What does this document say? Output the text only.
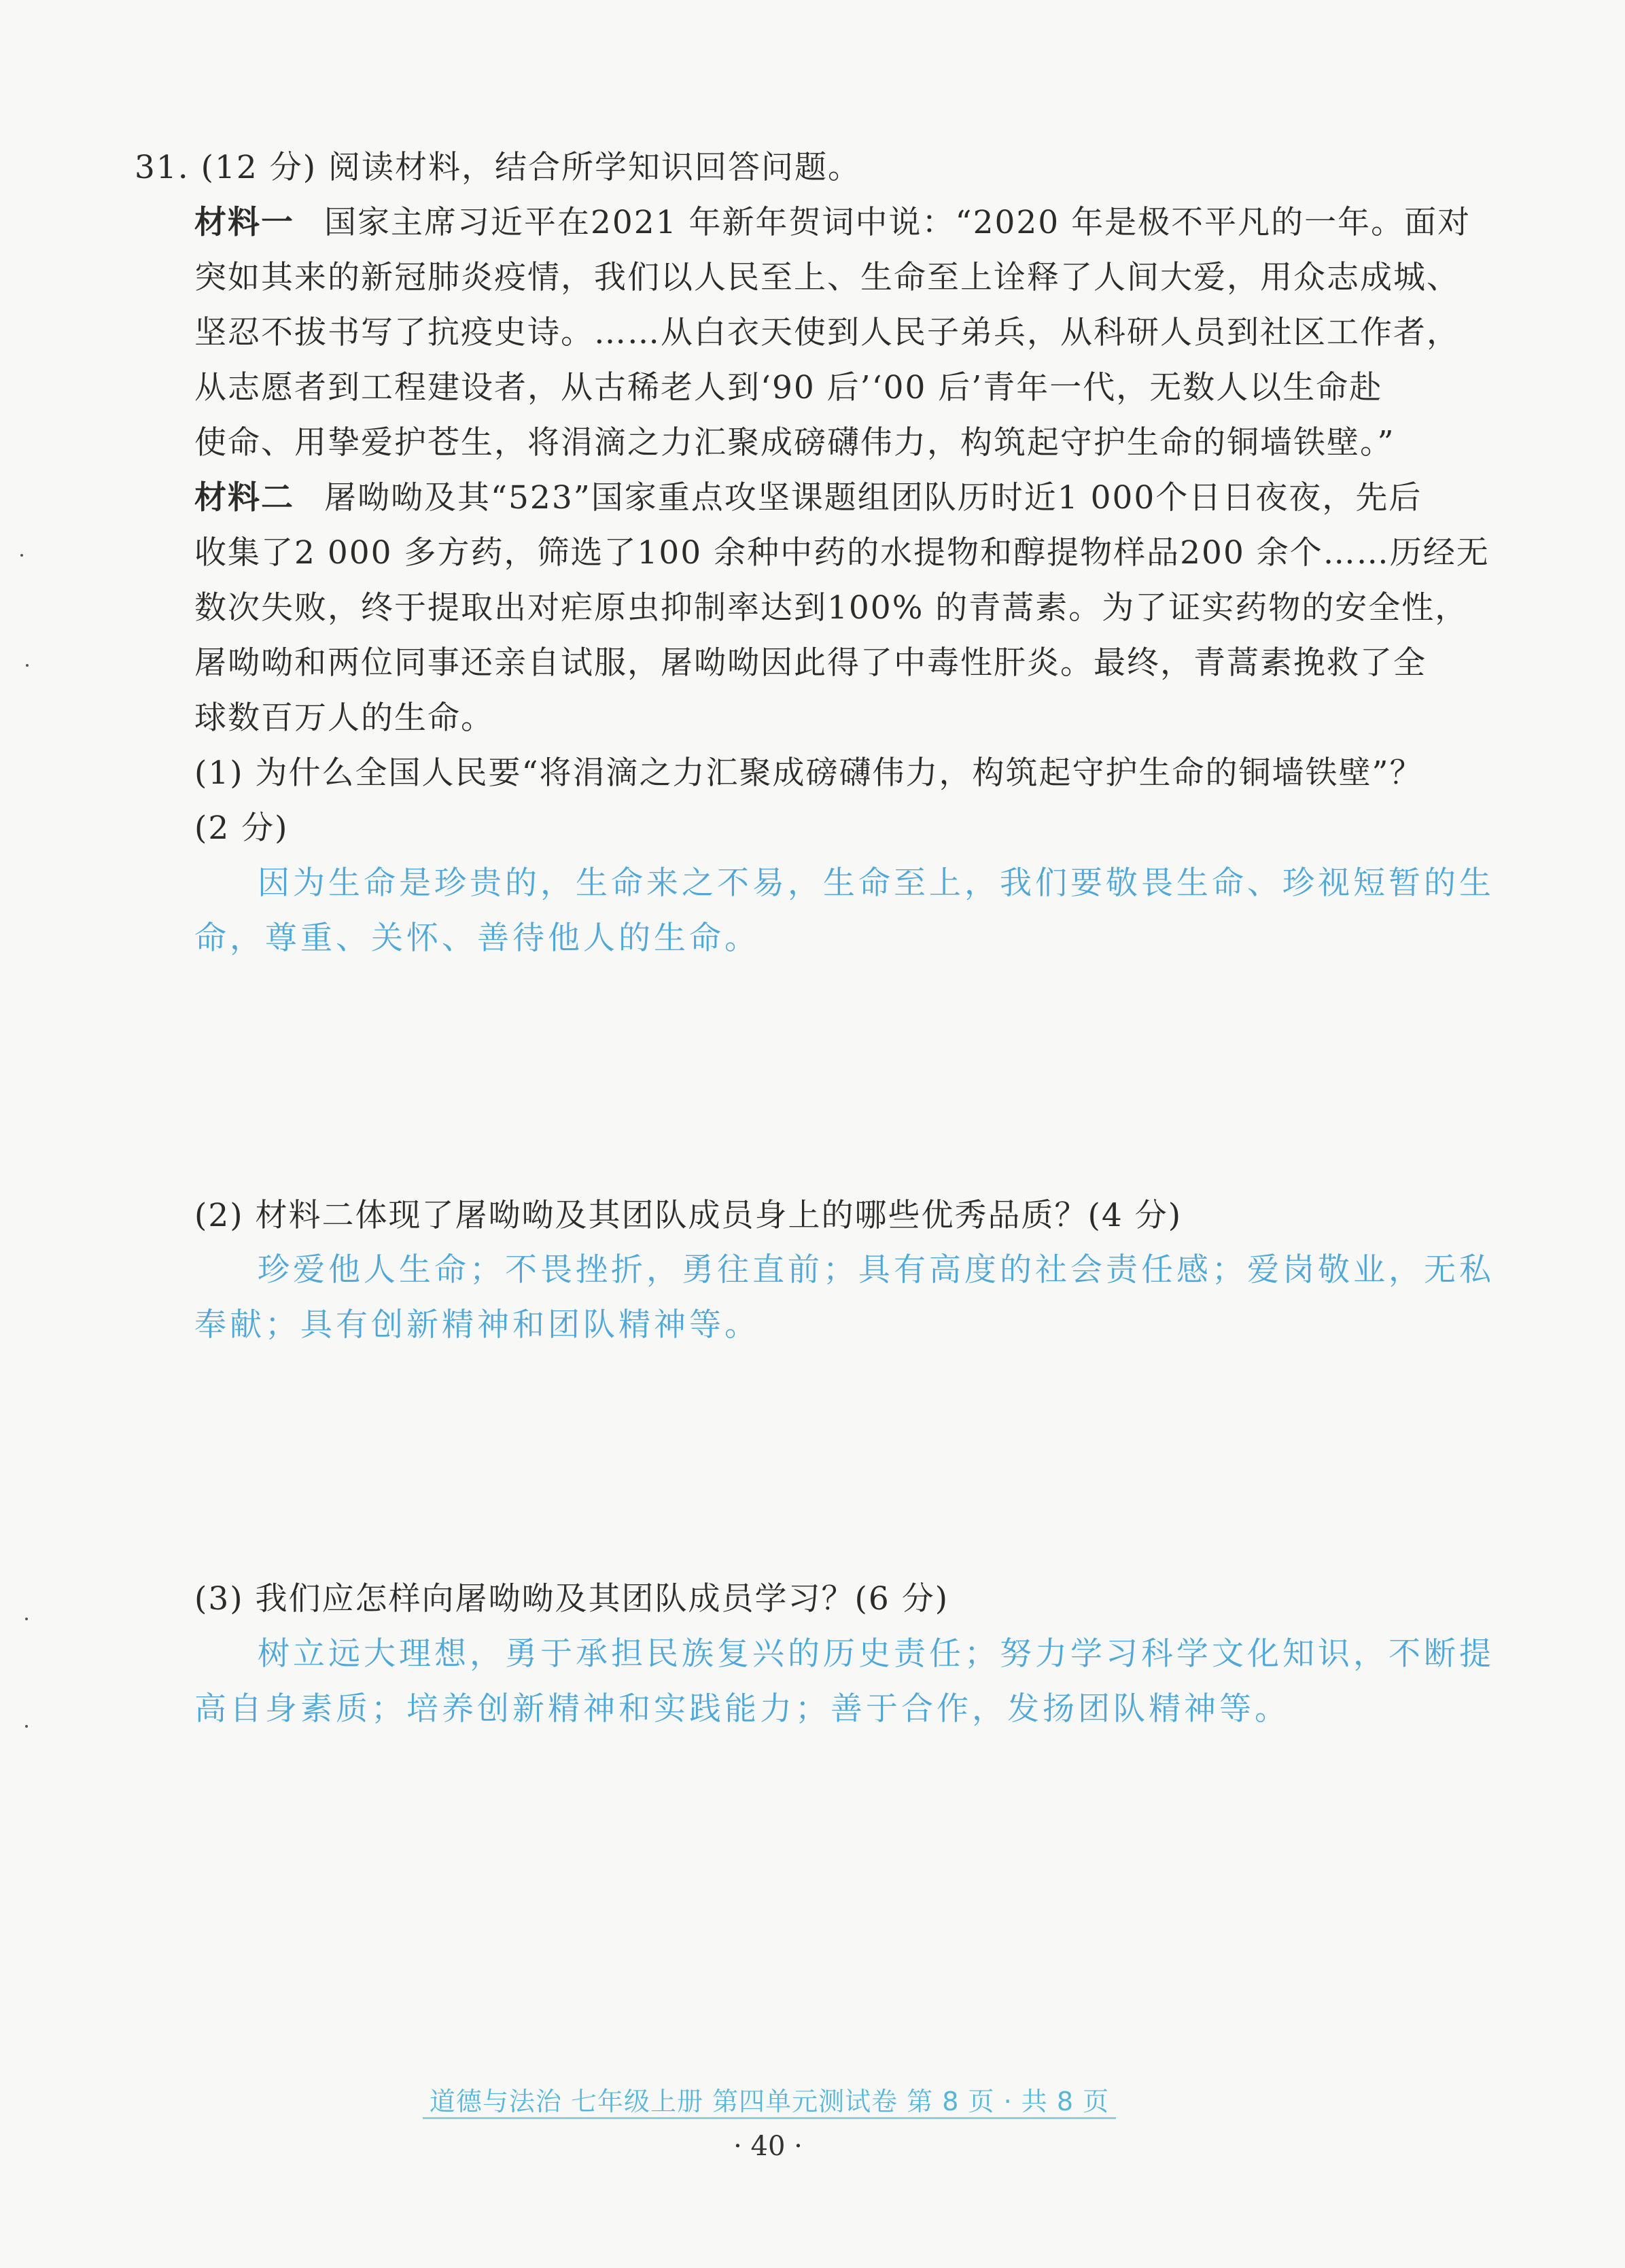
31. (12 分) 阅读材料，结合所学知识回答问题。
材料一 国家主席习近平在2021 年新年贺词中说：“2020 年是极不平凡的一年。面对
突如其来的新冠肺炎疫情，我们以人民至上、生命至上诠释了人间大爱，用众志成城、
坚忍不拔书写了抗疫史诗。……从白衣天使到人民子弟兵，从科研人员到社区工作者，
从志愿者到工程建设者，从古稀老人到‘90 后’‘00 后’青年一代，无数人以生命赴
使命、用挚爱护苍生，将涓滴之力汇聚成磅礴伟力，构筑起守护生命的铜墙铁壁。”
材料二 屠呦呦及其“523”国家重点攻坚课题组团队历时近1 000个日日夜夜，先后
收集了2 000 多方药，筛选了100 余种中药的水提物和醇提物样品200 余个……历经无
数次失败，终于提取出对疟原虫抑制率达到100% 的青蒿素。为了证实药物的安全性，
屠呦呦和两位同事还亲自试服，屠呦呦因此得了中毒性肝炎。最终，青蒿素挽救了全
球数百万人的生命。
(1) 为什么全国人民要“将涓滴之力汇聚成磅礴伟力，构筑起守护生命的铜墙铁壁”？
(2 分)
因为生命是珍贵的，生命来之不易，生命至上，我们要敬畏生命、珍视短暂的生
命，尊重、关怀、善待他人的生命。
(2) 材料二体现了屠呦呦及其团队成员身上的哪些优秀品质？(4 分)
珍爱他人生命；不畏挫折，勇往直前；具有高度的社会责任感；爱岗敬业，无私
奉献；具有创新精神和团队精神等。
(3) 我们应怎样向屠呦呦及其团队成员学习？(6 分)
树立远大理想，勇于承担民族复兴的历史责任；努力学习科学文化知识，不断提
高自身素质；培养创新精神和实践能力；善于合作，发扬团队精神等。
道德与法治 七年级上册 第四单元测试卷 第 8 页 · 共 8 页
· 40 ·
